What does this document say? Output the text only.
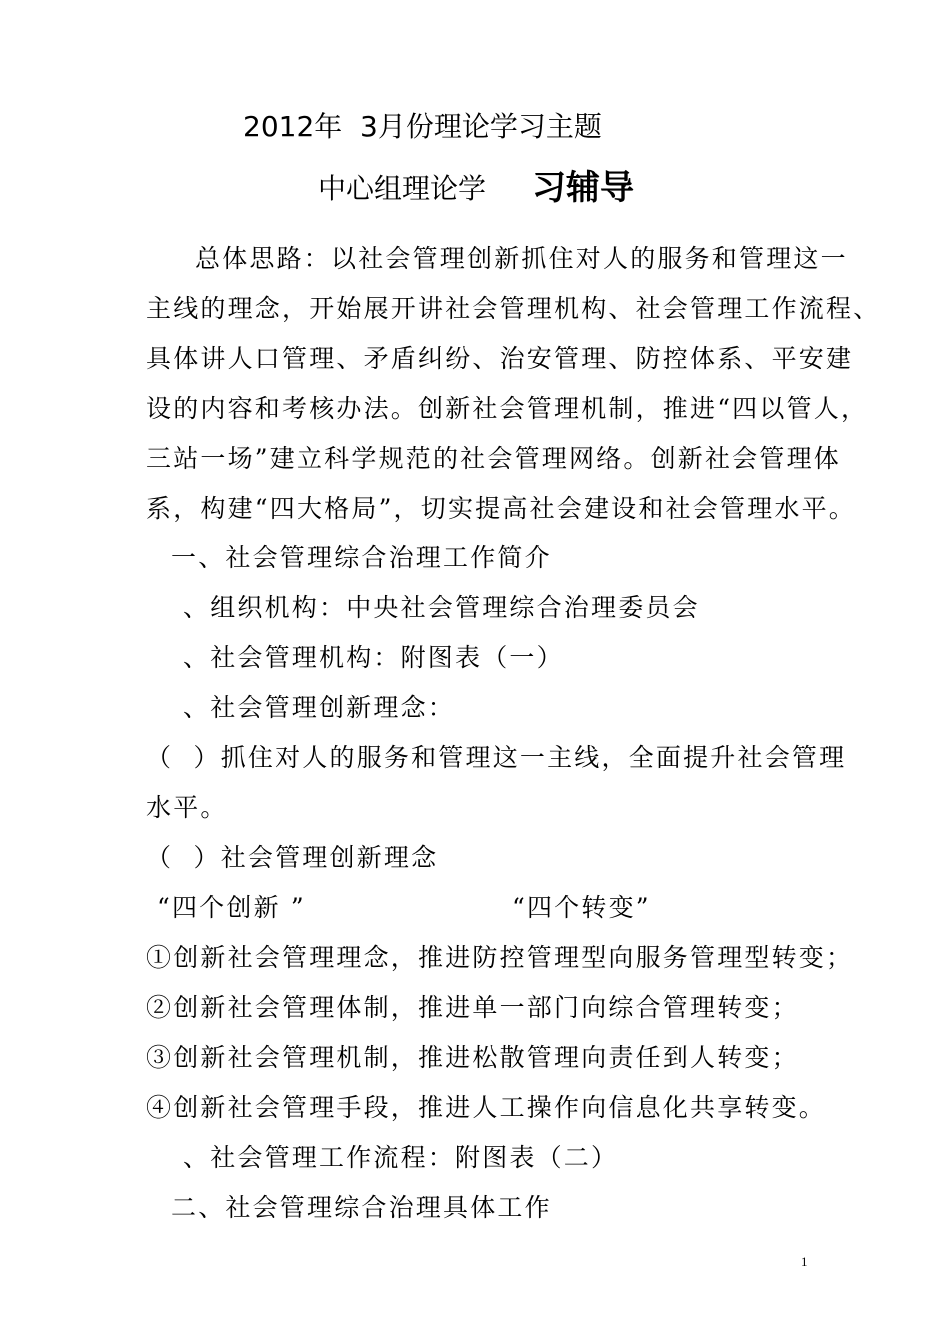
2012年  3月份理论学习主题
中心组理论学 习辅导
总体思路：以社会管理创新抓住对人的服务和管理这一
主线的理念，开始展开讲社会管理机构、社会管理工作流程、
具体讲人口管理、矛盾纠纷、治安管理、防控体系、平安建
设的内容和考核办法。创新社会管理机制，推进“四以管人，
三站一场”建立科学规范的社会管理网络。创新社会管理体
系，构建“四大格局”，切实提高社会建设和社会管理水平。
一、社会管理综合治理工作简介
、组织机构：中央社会管理综合治理委员会
、社会管理机构：附图表（一）
、社会管理创新理念：
（  ）抓住对人的服务和管理这一主线，全面提升社会管理
水平。
（  ）社会管理创新理念
“四个创新 ”	“四个转变”
①创新社会管理理念，推进防控管理型向服务管理型转变；
②创新社会管理体制，推进单一部门向综合管理转变；
③创新社会管理机制，推进松散管理向责任到人转变；
④创新社会管理手段，推进人工操作向信息化共享转变。
、社会管理工作流程：附图表（二）
二、社会管理综合治理具体工作
1
